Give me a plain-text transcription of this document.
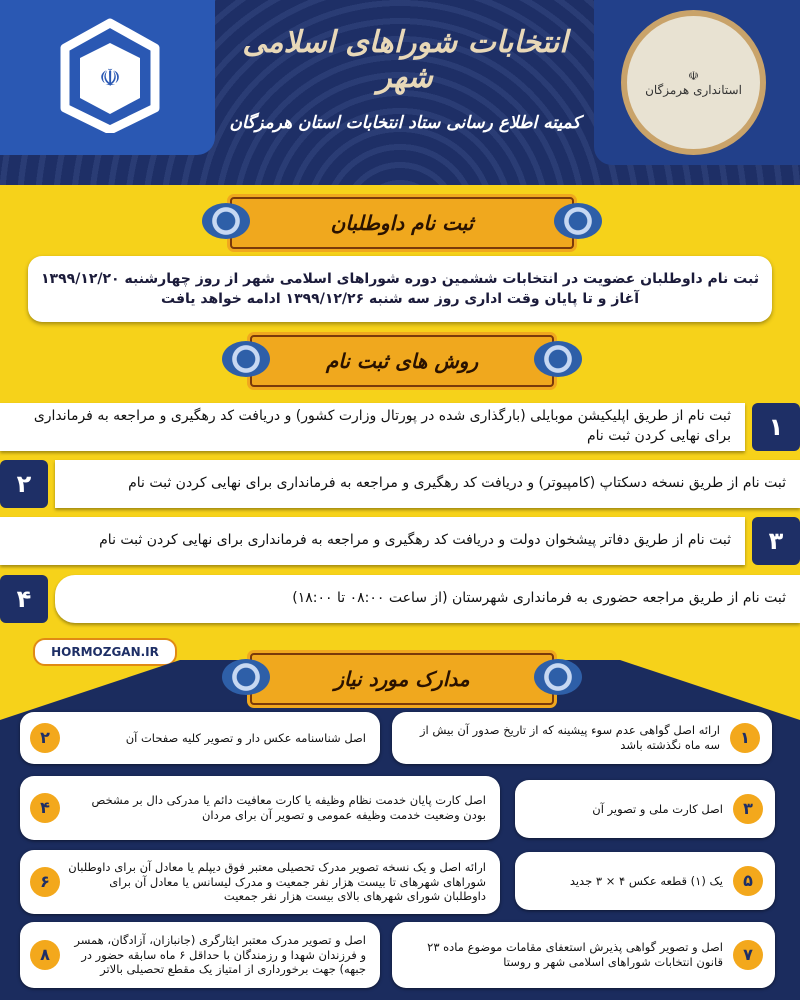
☫
انتخابات شوراهای اسلامی شهر
کمیته اطلاع رسانی ستاد انتخابات استان هرمزگان
☫
استانداری هرمزگان
ثبت نام داوطلبان
ثبت نام داوطلبان عضویت در انتخابات ششمین دوره شوراهای اسلامی شهر از روز چهارشنبه ۱۳۹۹/۱۲/۲۰
آغاز و تا پایان وقت اداری روز سه شنبه ۱۳۹۹/۱۲/۲۶ ادامه خواهد یافت
روش های ثبت نام
ثبت نام از طریق اپلیکیشن موبایلی (بارگذاری شده در پورتال وزارت کشور) و دریافت کد رهگیری و مراجعه به فرمانداری برای نهایی کردن ثبت نام	۱
ثبت نام از طریق نسخه دسکتاپ (کامپیوتر) و دریافت کد رهگیری و مراجعه به فرمانداری برای نهایی کردن ثبت نام
۲
ثبت نام از طریق دفاتر پیشخوان دولت و دریافت کد رهگیری و مراجعه به فرمانداری برای نهایی کردن ثبت نام	۳
ثبت نام از طریق مراجعه حضوری به فرمانداری شهرستان (از ساعت ۰۸:۰۰ تا ۱۸:۰۰)
۴
HORMOZGAN.IR
مدارک مورد نیاز
۱
ارائه اصل گواهی عدم سوء پیشینه که از تاریخ صدور آن بیش از سه ماه نگذشته باشد
۲	اصل شناسنامه عکس دار و تصویر کلیه صفحات آن
۳
اصل کارت ملی و تصویر آن
۴	اصل کارت پایان خدمت نظام وظیفه یا کارت معافیت دائم یا مدرکی دال بر مشخص بودن وضعیت خدمت وظیفه عمومی و تصویر آن برای مردان
۵
یک (۱) قطعه عکس ۴ × ۳ جدید
۶
ارائه اصل و یک نسخه تصویر مدرک تحصیلی معتبر فوق دیپلم یا معادل آن برای داوطلبان شوراهای شهرهای تا بیست هزار نفر جمعیت و مدرک لیسانس یا معادل آن برای داوطلبان شورای شهرهای بالای بیست هزار نفر جمعیت
۷
اصل و تصویر گواهی پذیرش استعفای مقامات موضوع ماده ۲۳ قانون انتخابات شوراهای اسلامی شهر و روستا
۸
اصل و تصویر مدرک معتبر ایثارگری (جانبازان، آزادگان، همسر و فرزندان شهدا و رزمندگان با حداقل ۶ ماه سابقه حضور در جبهه) جهت برخورداری از امتیاز یک مقطع تحصیلی بالاتر
